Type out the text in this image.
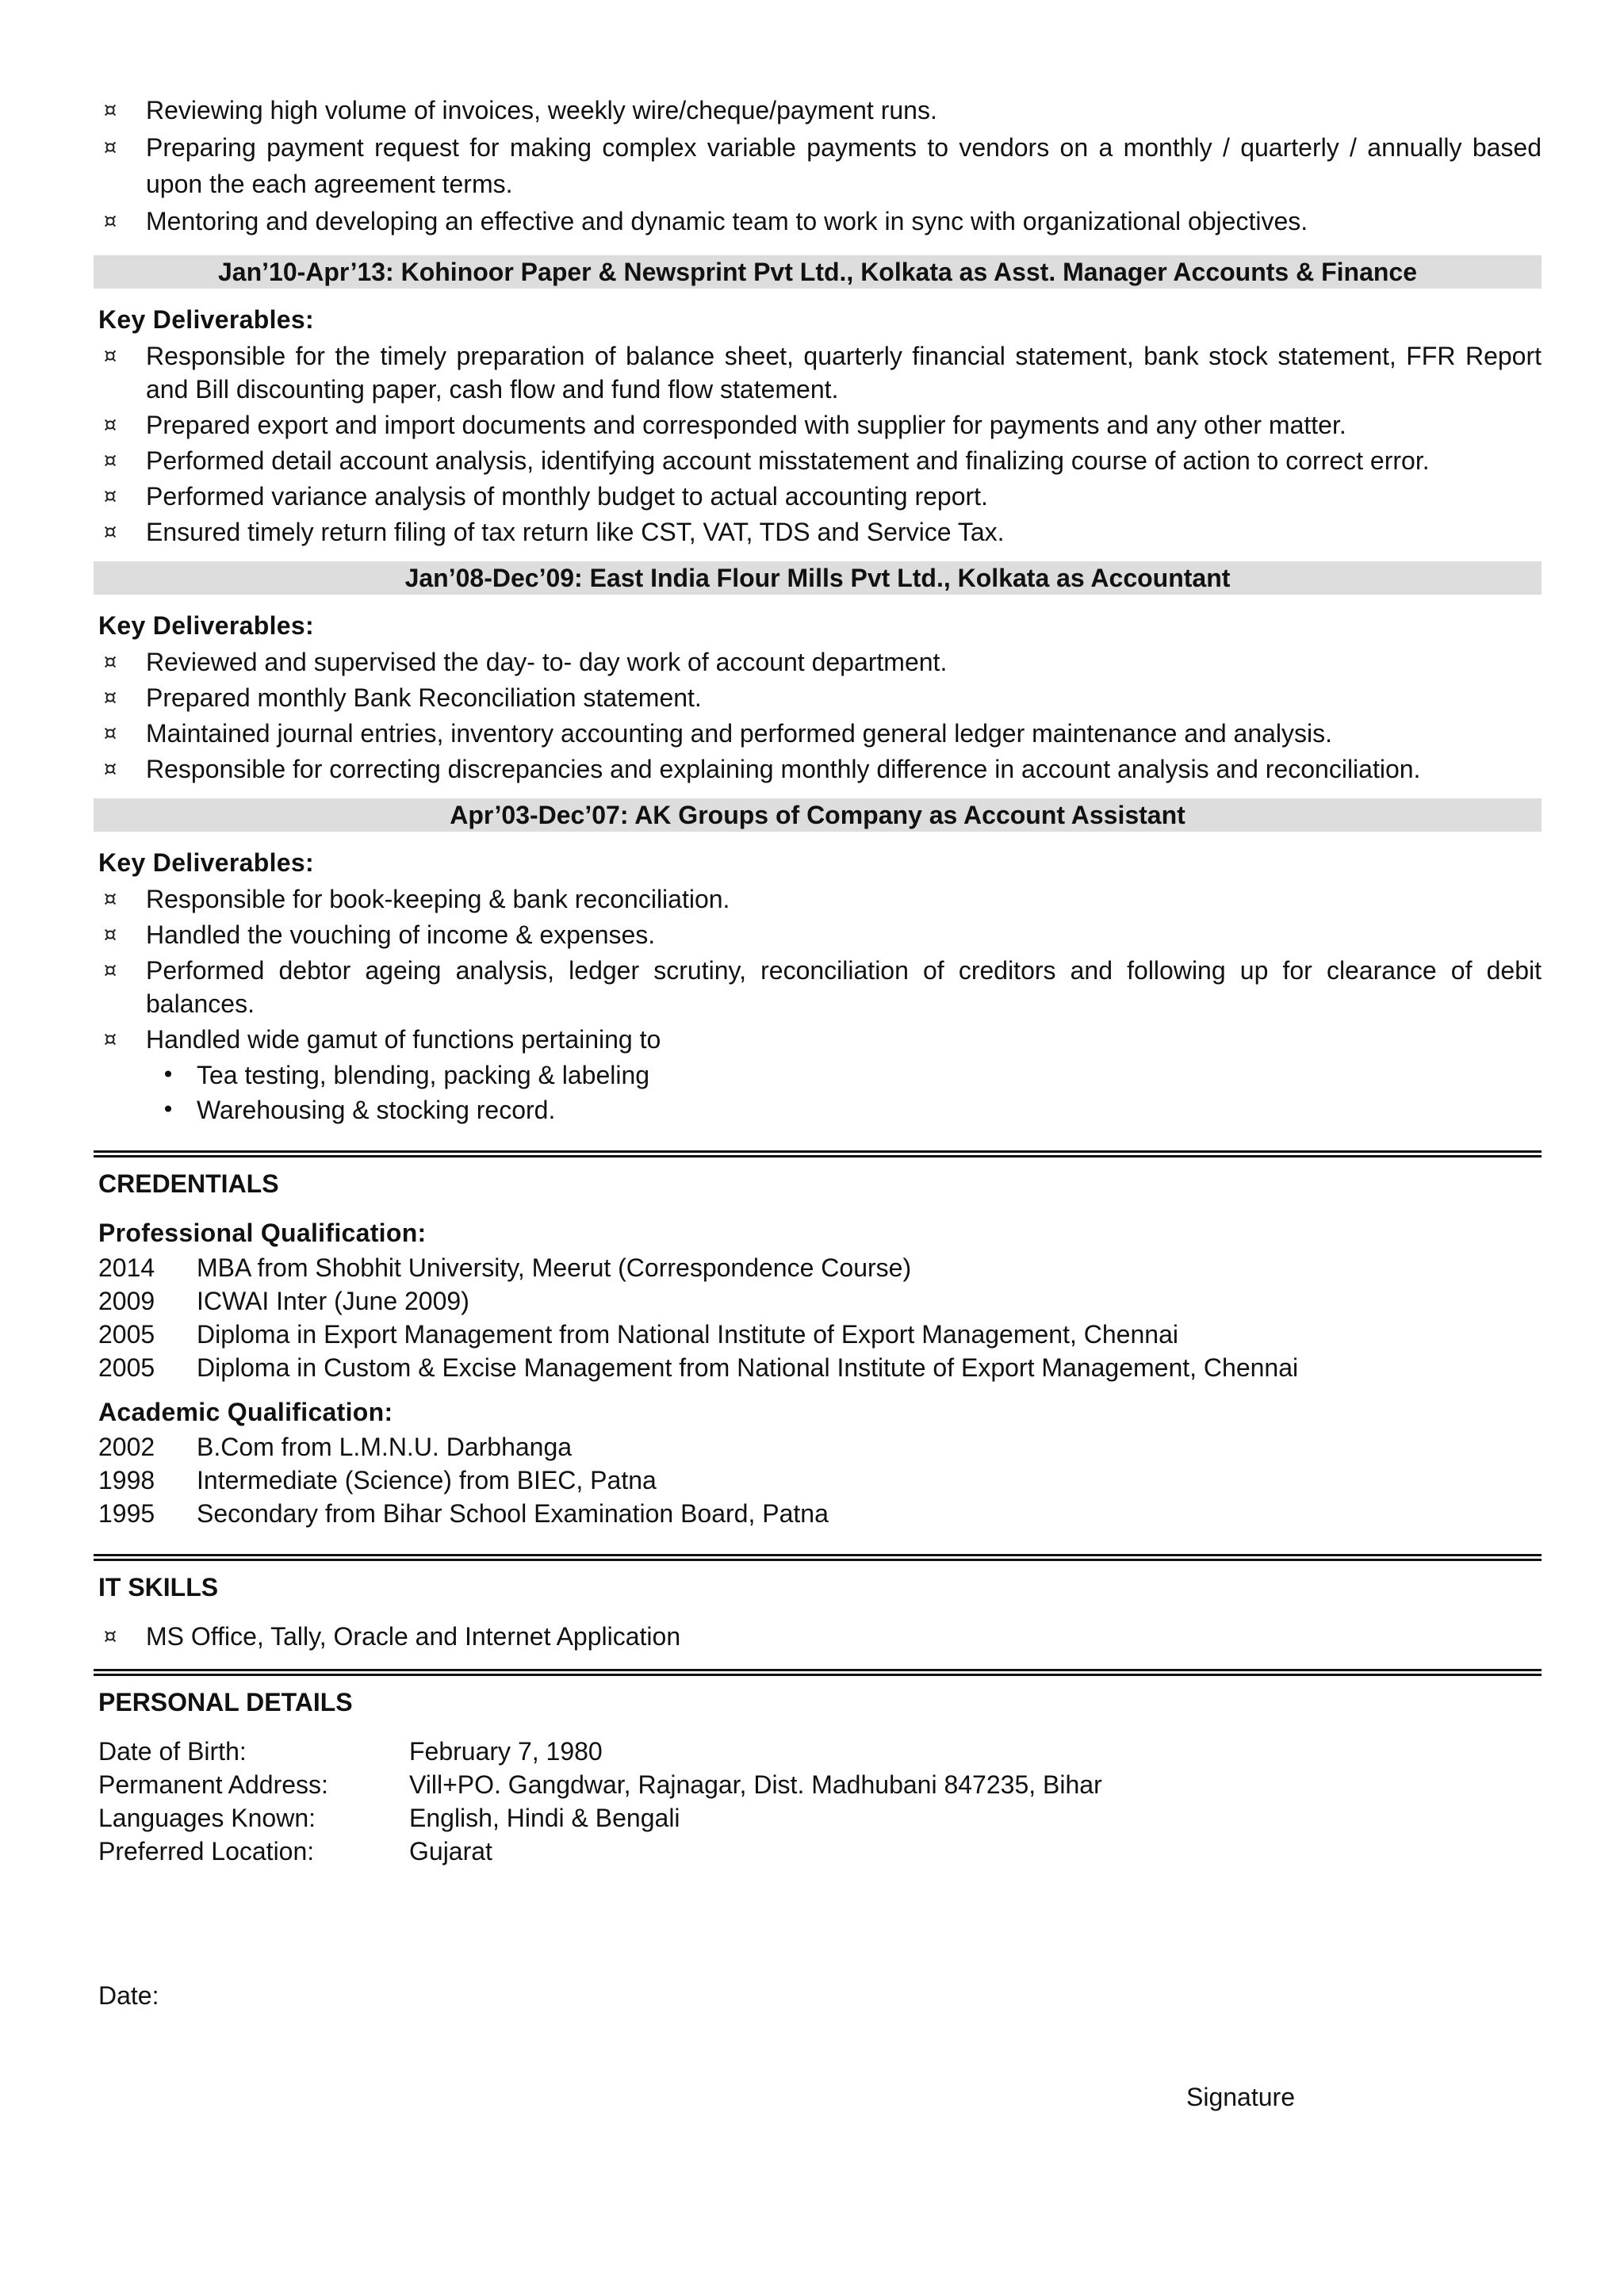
¤ Reviewing high volume of invoices, weekly wire/cheque/payment runs.
¤ Preparing payment request for making complex variable payments to vendors on a monthly / quarterly / annually based upon the each agreement terms.
¤ Mentoring and developing an effective and dynamic team to work in sync with organizational objectives.
Jan’10-Apr’13: Kohinoor Paper & Newsprint Pvt Ltd., Kolkata as Asst. Manager Accounts & Finance
Key Deliverables:
¤ Responsible for the timely preparation of balance sheet, quarterly financial statement, bank stock statement, FFR Report and Bill discounting paper, cash flow and fund flow statement.
¤ Prepared export and import documents and corresponded with supplier for payments and any other matter.
¤ Performed detail account analysis, identifying account misstatement and finalizing course of action to correct error.
¤ Performed variance analysis of monthly budget to actual accounting report.
¤ Ensured timely return filing of tax return like CST, VAT, TDS and Service Tax.
Jan’08-Dec’09: East India Flour Mills Pvt Ltd., Kolkata as Accountant
Key Deliverables:
¤ Reviewed and supervised the day- to- day work of account department.
¤ Prepared monthly Bank Reconciliation statement.
¤ Maintained journal entries, inventory accounting and performed general ledger maintenance and analysis.
¤ Responsible for correcting discrepancies and explaining monthly difference in account analysis and reconciliation.
Apr’03-Dec’07: AK Groups of Company as Account Assistant
Key Deliverables:
¤ Responsible for book-keeping & bank reconciliation.
¤ Handled the vouching of income & expenses.
¤ Performed debtor ageing analysis, ledger scrutiny, reconciliation of creditors and following up for clearance of debit balances.
¤ Handled wide gamut of functions pertaining to
• Tea testing, blending, packing & labeling
• Warehousing & stocking record.
CREDENTIALS
Professional Qualification:
2014	MBA from Shobhit University, Meerut (Correspondence Course)
2009	ICWAI Inter (June 2009)
2005	Diploma in Export Management from National Institute of Export Management, Chennai
2005	Diploma in Custom & Excise Management from National Institute of Export Management, Chennai
Academic Qualification:
2002	B.Com from L.M.N.U. Darbhanga
1998	Intermediate (Science) from BIEC, Patna
1995	Secondary from Bihar School Examination Board, Patna
IT SKILLS
¤ MS Office, Tally, Oracle and Internet Application
PERSONAL DETAILS
Date of Birth:	February 7, 1980
Permanent Address:	Vill+PO. Gangdwar, Rajnagar, Dist. Madhubani 847235, Bihar
Languages Known:	English, Hindi & Bengali
Preferred Location:	Gujarat
Date:
Signature
